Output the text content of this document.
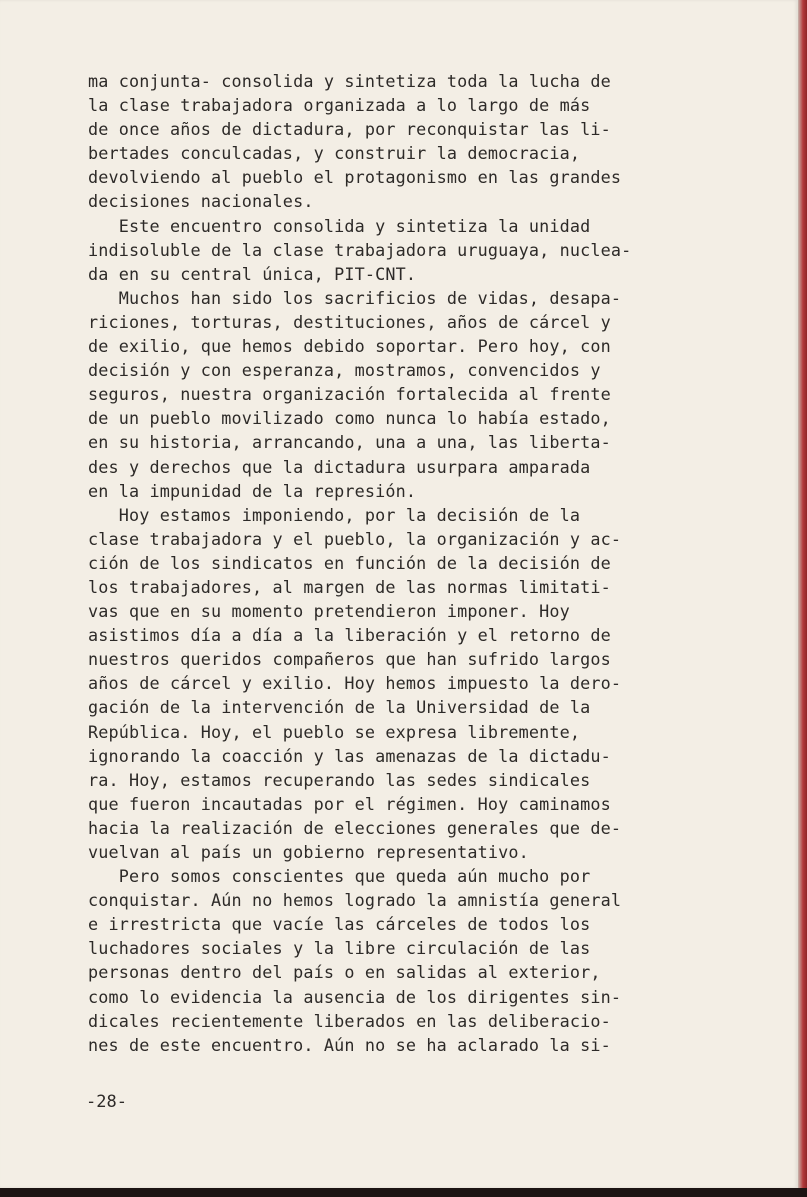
ma conjunta- consolida y sintetiza toda la lucha de
la clase trabajadora organizada a lo largo de más
de once años de dictadura, por reconquistar las li-
bertades conculcadas, y construir la democracia,
devolviendo al pueblo el protagonismo en las grandes
decisiones nacionales.
Este encuentro consolida y sintetiza la unidad
indisoluble de la clase trabajadora uruguaya, nuclea-
da en su central única, PIT-CNT.
Muchos han sido los sacrificios de vidas, desapa-
riciones, torturas, destituciones, años de cárcel y
de exilio, que hemos debido soportar. Pero hoy, con
decisión y con esperanza, mostramos, convencidos y
seguros, nuestra organización fortalecida al frente
de un pueblo movilizado como nunca lo había estado,
en su historia, arrancando, una a una, las liberta-
des y derechos que la dictadura usurpara amparada
en la impunidad de la represión.
Hoy estamos imponiendo, por la decisión de la
clase trabajadora y el pueblo, la organización y ac-
ción de los sindicatos en función de la decisión de
los trabajadores, al margen de las normas limitati-
vas que en su momento pretendieron imponer. Hoy
asistimos día a día a la liberación y el retorno de
nuestros queridos compañeros que han sufrido largos
años de cárcel y exilio. Hoy hemos impuesto la dero-
gación de la intervención de la Universidad de la
República. Hoy, el pueblo se expresa libremente,
ignorando la coacción y las amenazas de la dictadu-
ra. Hoy, estamos recuperando las sedes sindicales
que fueron incautadas por el régimen. Hoy caminamos
hacia la realización de elecciones generales que de-
vuelvan al país un gobierno representativo.
Pero somos conscientes que queda aún mucho por
conquistar. Aún no hemos logrado la amnistía general
e irrestricta que vacíe las cárceles de todos los
luchadores sociales y la libre circulación de las
personas dentro del país o en salidas al exterior,
como lo evidencia la ausencia de los dirigentes sin-
dicales recientemente liberados en las deliberacio-
nes de este encuentro. Aún no se ha aclarado la si-
-28-
